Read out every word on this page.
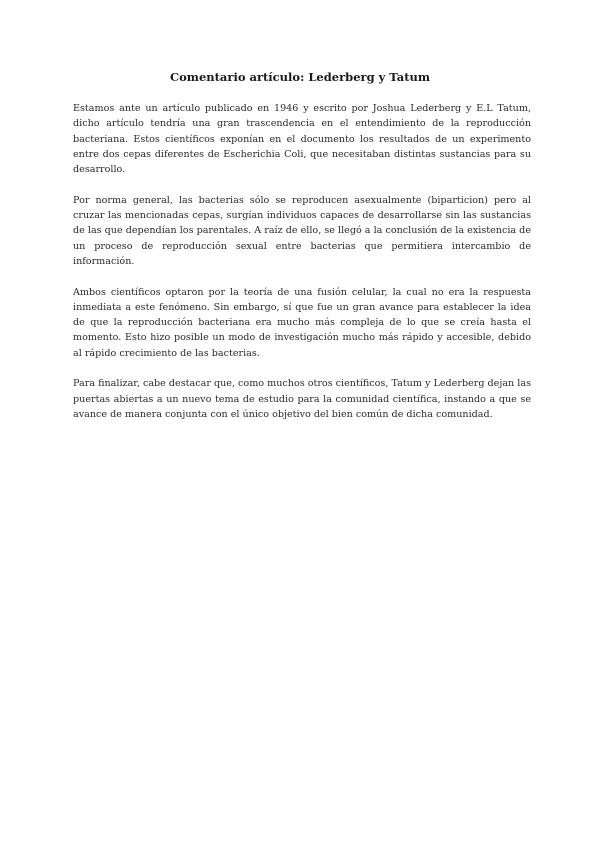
Comentario artículo: Lederberg y Tatum

Estamos ante un artículo publicado en 1946 y escrito por Joshua Lederberg y E.L Tatum, dicho artículo tendría una gran trascendencia en el entendimiento de la reproducción bacteriana. Estos científicos exponían en el documento los resultados de un experimento entre dos cepas diferentes de Escherichia Coli, que necesitaban distintas sustancias para su desarrollo.

Por norma general, las bacterias sólo se reproducen asexualmente (biparticion) pero al cruzar las mencionadas cepas, surgían individuos capaces de desarrollarse sin las sustancias de las que dependían los parentales. A raíz de ello, se llegó a la conclusión de la existencia de un proceso de reproducción sexual entre bacterias que permitiera intercambio de información.

Ambos científicos optaron por la teoría de una fusión celular, la cual no era la respuesta inmediata a este fenómeno. Sin embargo, sí que fue un gran avance para establecer la idea de que la reproducción bacteriana era mucho más compleja de lo que se creía hasta el momento. Esto hizo posible un modo de investigación mucho más rápido y accesible, debido al rápido crecimiento de las bacterias.

Para finalizar, cabe destacar que, como muchos otros científicos, Tatum y Lederberg dejan las puertas abiertas a un nuevo tema de estudio para la comunidad científica, instando a que se avance de manera conjunta con el único objetivo del bien común de dicha comunidad.
